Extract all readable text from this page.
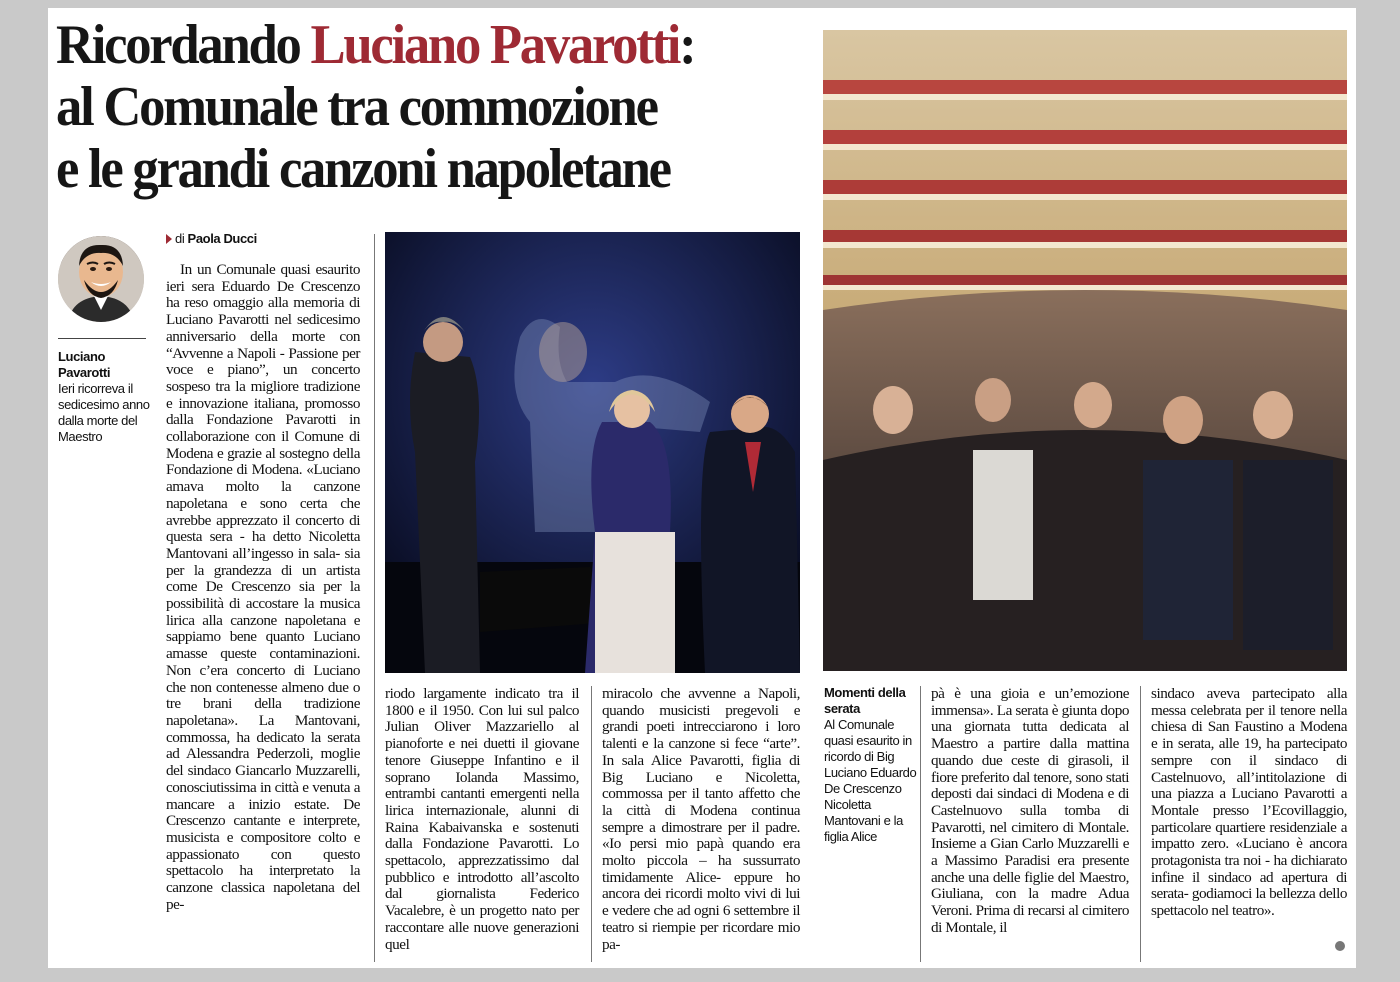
Ricordando Luciano Pavarotti:
al Comunale tra commozione
e le grandi canzoni napoletane
Luciano Pavarotti
Ieri ricorreva il sedicesimo anno dalla morte del Maestro
di Paola Ducci
In un Comunale quasi esaurito ieri sera Eduardo De Crescenzo ha reso omaggio alla memoria di Luciano Pavarotti nel sedicesimo anniversario della morte con “Avvenne a Napoli - Passione per voce e piano”, un concerto sospeso tra la migliore tradizione e innovazione italiana, promosso dalla Fondazione Pavarotti in collaborazione con il Comune di Modena e grazie al sostegno della Fondazione di Modena. «Luciano amava molto la canzone napoletana e sono certa che avrebbe apprezzato il concerto di questa sera - ha detto Nicoletta Mantovani all’ingesso in sala- sia per la grandezza di un artista come De Crescenzo sia per la possibilità di accostare la musica lirica alla canzone napoletana e sappiamo bene quanto Luciano amasse queste contaminazioni. Non c’era concerto di Luciano che non contenesse almeno due o tre brani della tradizione napoletana». La Mantovani, commossa, ha dedicato la serata ad Alessandra Pederzoli, moglie del sindaco Giancarlo Muzzarelli, conosciutissima in città e venuta a mancare a inizio estate. De Crescenzo cantante e interprete, musicista e compositore colto e appassionato con questo spettacolo ha interpretato la canzone classica napoletana del pe-
Momenti della serata
Al Comunale quasi esaurito in ricordo di Big Luciano Eduardo De Crescenzo Nicoletta Mantovani e la figlia Alice
riodo largamente indicato tra il 1800 e il 1950. Con lui sul palco Julian Oliver Mazzariello al pianoforte e nei duetti il giovane tenore Giuseppe Infantino e il soprano Iolanda Massimo, entrambi cantanti emergenti nella lirica internazionale, alunni di Raina Kabaivanska e sostenuti dalla Fondazione Pavarotti. Lo spettacolo, apprezzatissimo dal pubblico e introdotto all’ascolto dal giornalista Federico Vacalebre, è un progetto nato per raccontare alle nuove generazioni quel
miracolo che avvenne a Napoli, quando musicisti pregevoli e grandi poeti intrecciarono i loro talenti e la canzone si fece “arte”. In sala Alice Pavarotti, figlia di Big Luciano e Nicoletta, commossa per il tanto affetto che la città di Modena continua sempre a dimostrare per il padre. «Io persi mio papà quando era molto piccola – ha sussurrato timidamente Alice- eppure ho ancora dei ricordi molto vivi di lui e vedere che ad ogni 6 settembre il teatro si riempie per ricordare mio pa-
pà è una gioia e un’emozione immensa». La serata è giunta dopo una giornata tutta dedicata al Maestro a partire dalla mattina quando due ceste di girasoli, il fiore preferito dal tenore, sono stati deposti dai sindaci di Modena e di Castelnuovo sulla tomba di Pavarotti, nel cimitero di Montale. Insieme a Gian Carlo Muzzarelli e a Massimo Paradisi era presente anche una delle figlie del Maestro, Giuliana, con la madre Adua Veroni. Prima di recarsi al cimitero di Montale, il
sindaco aveva partecipato alla messa celebrata per il tenore nella chiesa di San Faustino a Modena e in serata, alle 19, ha partecipato sempre con il sindaco di Castelnuovo, all’intitolazione di una piazza a Luciano Pavarotti a Montale presso l’Ecovillaggio, particolare quartiere residenziale a impatto zero. «Luciano è ancora protagonista tra noi - ha dichiarato infine il sindaco ad apertura di serata- godiamoci la bellezza dello spettacolo nel teatro».
